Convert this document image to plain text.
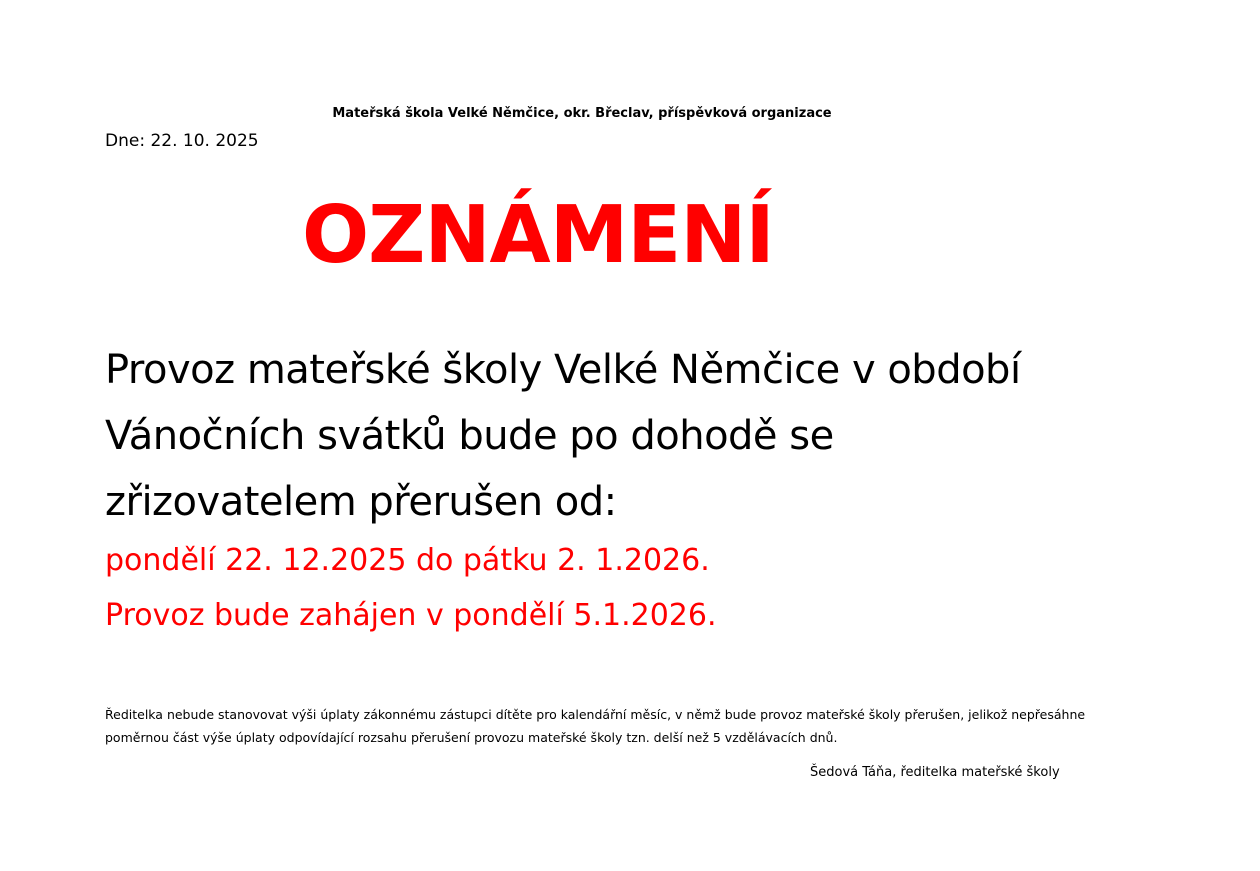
Mateřská škola Velké Němčice, okr. Břeclav, příspěvková organizace
Dne: 22. 10. 2025
OZNÁMENÍ

Provoz mateřské školy Velké Němčice v období
Vánočních svátků bude po dohodě se
zřizovatelem přerušen od:

pondělí 22. 12.2025 do pátku 2. 1.2026.
Provoz bude zahájen v pondělí 5.1.2026.

Ředitelka nebude stanovovat výši úplaty zákonnému zástupci dítěte pro kalendářní měsíc, v němž bude provoz mateřské školy přerušen, jelikož nepřesáhne
poměrnou část výše úplaty odpovídající rozsahu přerušení provozu mateřské školy tzn. delší než 5 vzdělávacích dnů.

Šedová Táňa, ředitelka mateřské školy
